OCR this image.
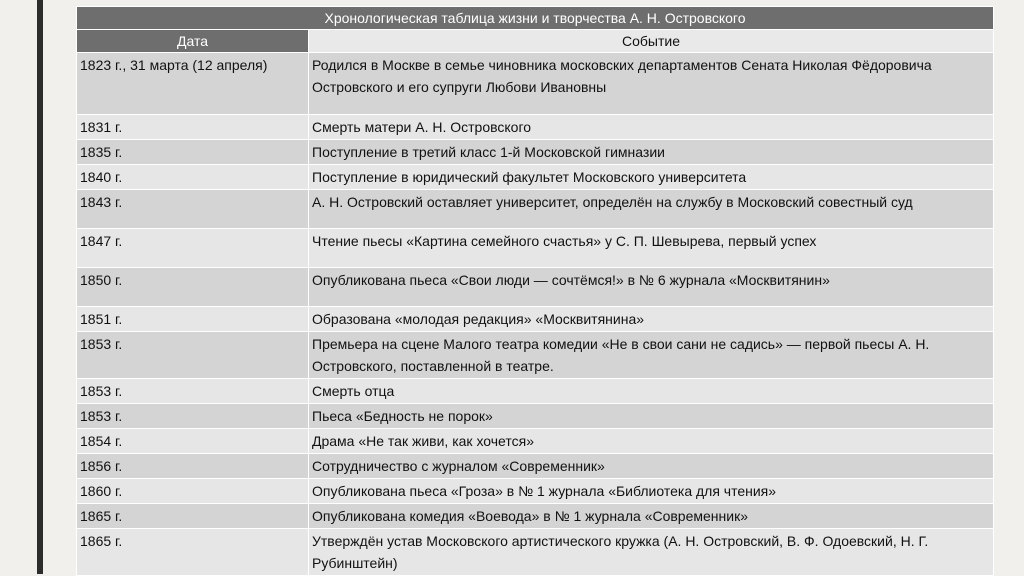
Хронологическая таблица жизни и творчества А. Н. Островского	
Дата	Событие
1823 г., 31 марта (12 апреля)	Родился в Москве в семье чиновника московских департаментов Сената Николая Фёдоровича Островского и его супруги Любови Ивановны
1831 г.	Смерть матери А. Н. Островского
1835 г.	Поступление в третий класс 1-й Московской гимназии
1840 г.	Поступление в юридический факультет Московского университета
1843 г.	А. Н. Островский оставляет университет, определён на службу в Московский совестный суд
1847 г.	Чтение пьесы «Картина семейного счастья» у С. П. Шевырева, первый успех
1850 г.	Опубликована пьеса «Свои люди — сочтёмся!» в № 6 журнала «Москвитянин»
1851 г.	Образована «молодая редакция» «Москвитянина»
1853 г.	Премьера на сцене Малого театра комедии «Не в свои сани не садись» — первой пьесы А. Н. Островского, поставленной в театре.
1853 г.	Смерть отца
1853 г.	Пьеса «Бедность не порок»
1854 г.	Драма «Не так живи, как хочется»
1856 г.	Сотрудничество с журналом «Современник»
1860 г.	Опубликована пьеса «Гроза» в № 1 журнала «Библиотека для чтения»
1865 г.	Опубликована комедия «Воевода» в № 1 журнала «Современник»
1865 г.	Утверждён устав Московского артистического кружка (А. Н. Островский, В. Ф. Одоевский, Н. Г. Рубинштейн)
